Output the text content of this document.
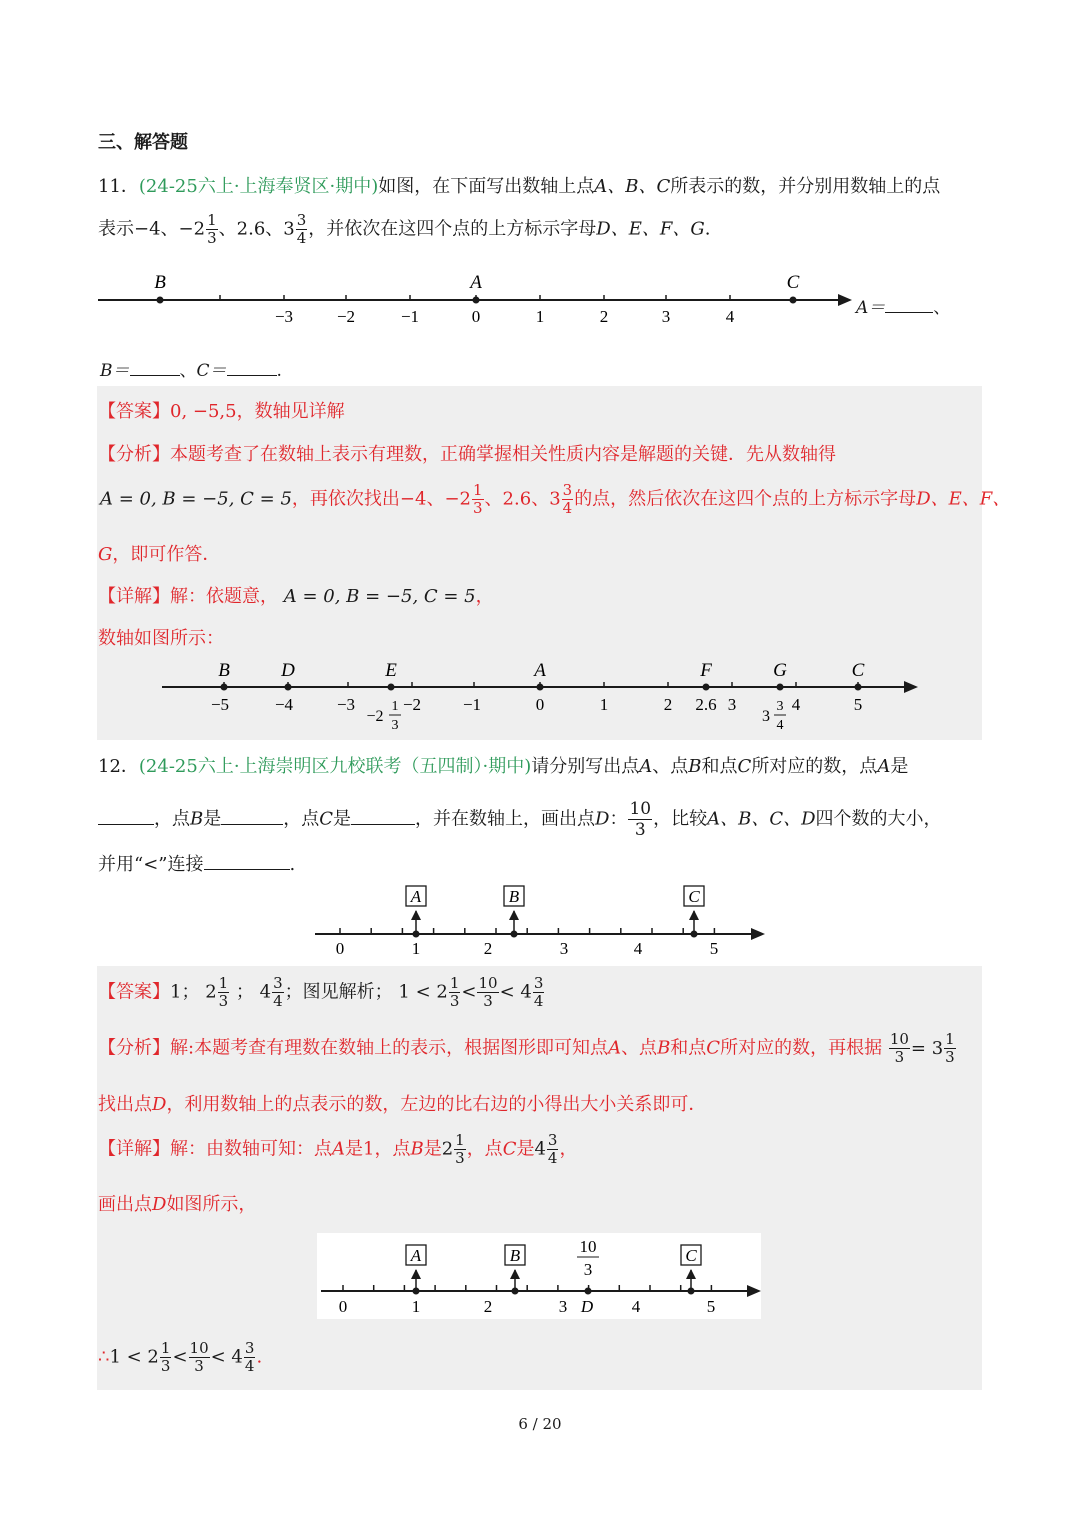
三、解答题
11．(24-25六上·上海奉贤区·期中)如图，在下面写出数轴上点A、B、C所表示的数，并分别用数轴上的点
表示−4、$-2 \frac{1}{3}$ 、2.6、$3 \frac{3}{4}$ ，并依次在这四个点的上方标示字母D、E、F、G.
B	A	C
−3	−2	−1	0	1	2	3	4	A＝	、
B＝	、C＝	.
【答案】0, −5,5，数轴见详解
【分析】本题考查了在数轴上表示有理数，正确掌握相关性质内容是解题的关键．先从数轴得
A = 0, B = −5, C = 5，再依次找出−4、$-2 \frac{1}{3}$ 、2.6、$3 \frac{3}{4}$ 的点，然后依次在这四个点的上方标示字母D、E、F、
G，即可作答．
【详解】解：依题意， A = 0, B = −5, C = 5，
数轴如图所示：
B	D	E	A	F	G	C
−5	−4	−3	−2 −1	0	1	2	3	4	5
2.6
−2
1
3
3
3
4
12．(24-25六上·上海崇明区九校联考（五四制）·期中)请分别写出点A、点B和点C所对应的数，点A是
，点B是	，点C是	，并在数轴上，画出点D： $\frac{10}{3}$ ，比较A、B、C、D四个数的大小，
并用“<”连接	.
A	B	C
0	1	2	3	4	5
【答案】1； $2 \frac{1}{3}$ ； $4 \frac{3}{4}$ ；图见解析； $1 < 2 \frac{1}{3} < \frac{10}{3} < 4 \frac{3}{4}$
【分析】解:本题考查有理数在数轴上的表示，根据图形即可知点A、点B和点C所对应的数，再根据 $\frac{10}{3} = 3 \frac{1}{3}$
找出点D，利用数轴上的点表示的数，左边的比右边的小得出大小关系即可．
【详解】解：由数轴可知：点A是1，点B是$2 \frac{1}{3}$ ，点C是$4 \frac{3}{4}$ ，
画出点D如图所示，
A	B	C
10
3
0	1	2	3 D 4	5
∴1 < $2 \frac{1}{3} < \frac{10}{3} < 4 \frac{3}{4}$ .
6 / 20
